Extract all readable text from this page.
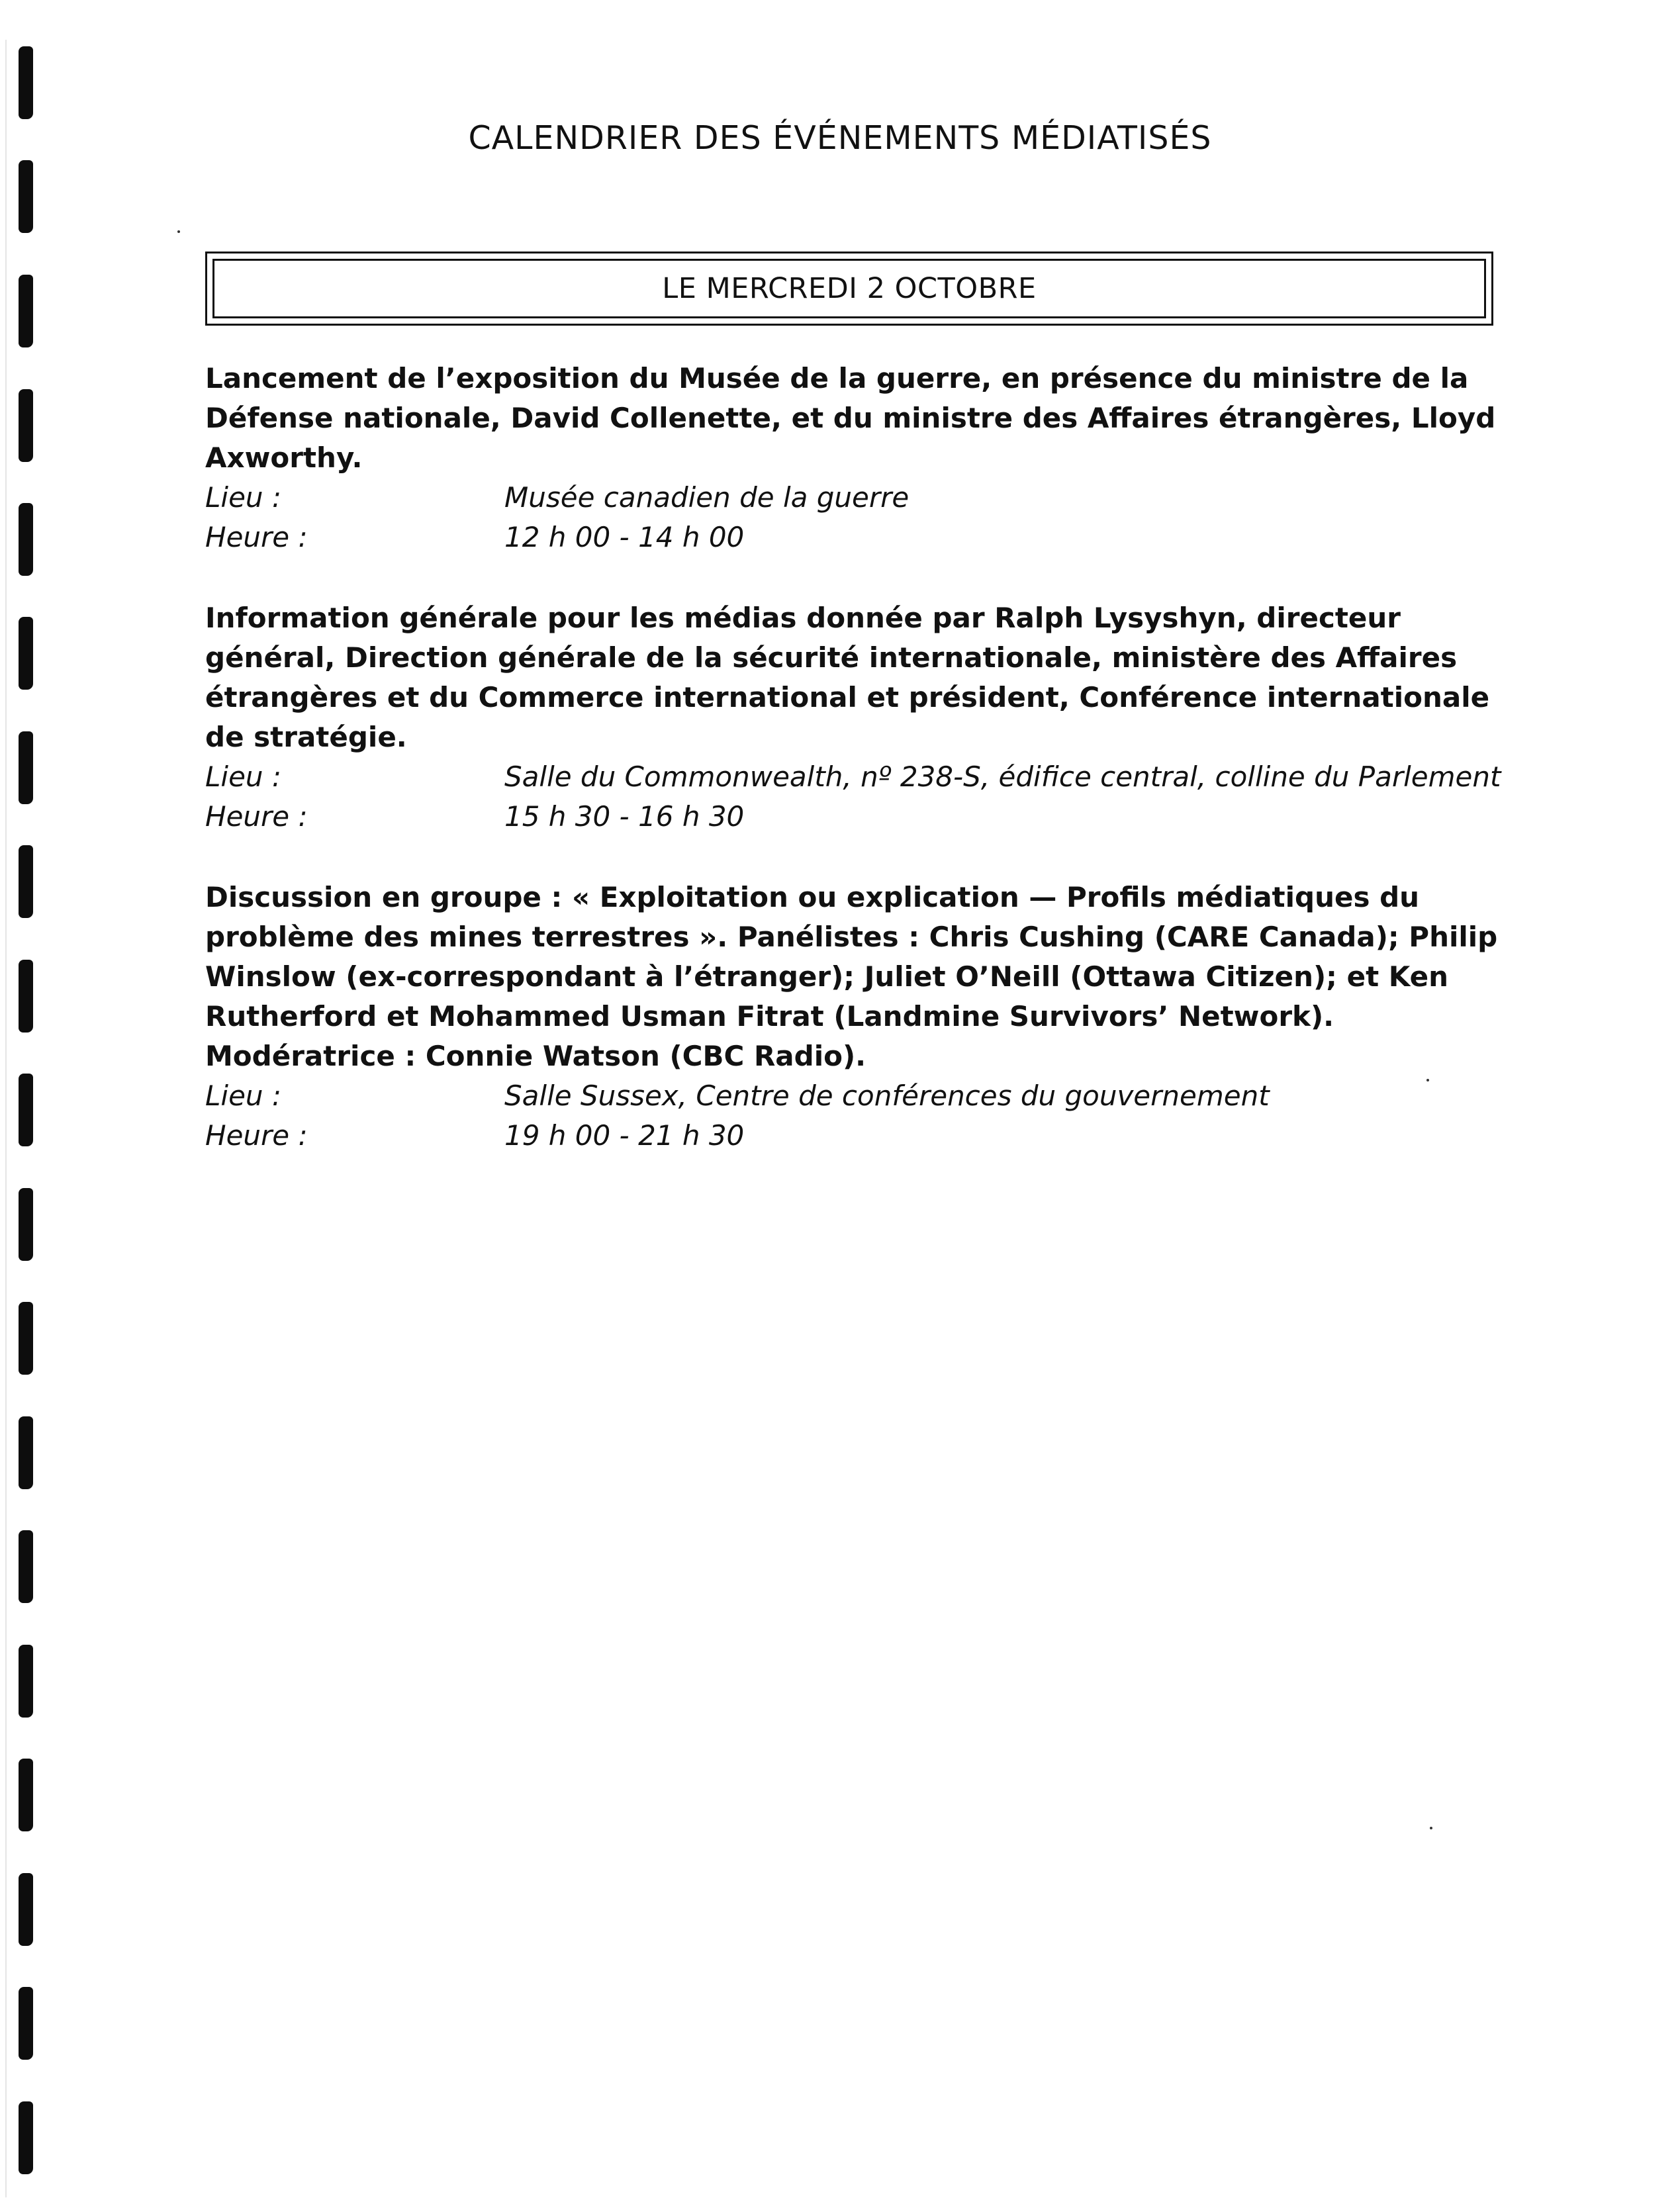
CALENDRIER DES ÉVÉNEMENTS MÉDIATISÉS
LE MERCREDI 2 OCTOBRE

Lancement de l’exposition du Musée de la guerre, en présence du ministre de la Défense nationale, David Collenette, et du ministre des Affaires étrangères, Lloyd Axworthy.

Lieu :	Musée canadien de la guerre
Heure :	12 h 00 - 14 h 00

Information générale pour les médias donnée par Ralph Lysyshyn, directeur général, Direction générale de la sécurité internationale, ministère des Affaires étrangères et du Commerce international et président, Conférence internationale de stratégie.

Lieu :	Salle du Commonwealth, nº 238-S, édifice central, colline du Parlement
Heure :	15 h 30 - 16 h 30

Discussion en groupe : « Exploitation ou explication — Profils médiatiques du problème des mines terrestres ». Panélistes : Chris Cushing (CARE Canada); Philip Winslow (ex-correspondant à l’étranger); Juliet O’Neill (Ottawa Citizen); et Ken Rutherford et Mohammed Usman Fitrat (Landmine Survivors’ Network). Modératrice : Connie Watson (CBC Radio).

Lieu :	Salle Sussex, Centre de conférences du gouvernement
Heure :	19 h 00 - 21 h 30
